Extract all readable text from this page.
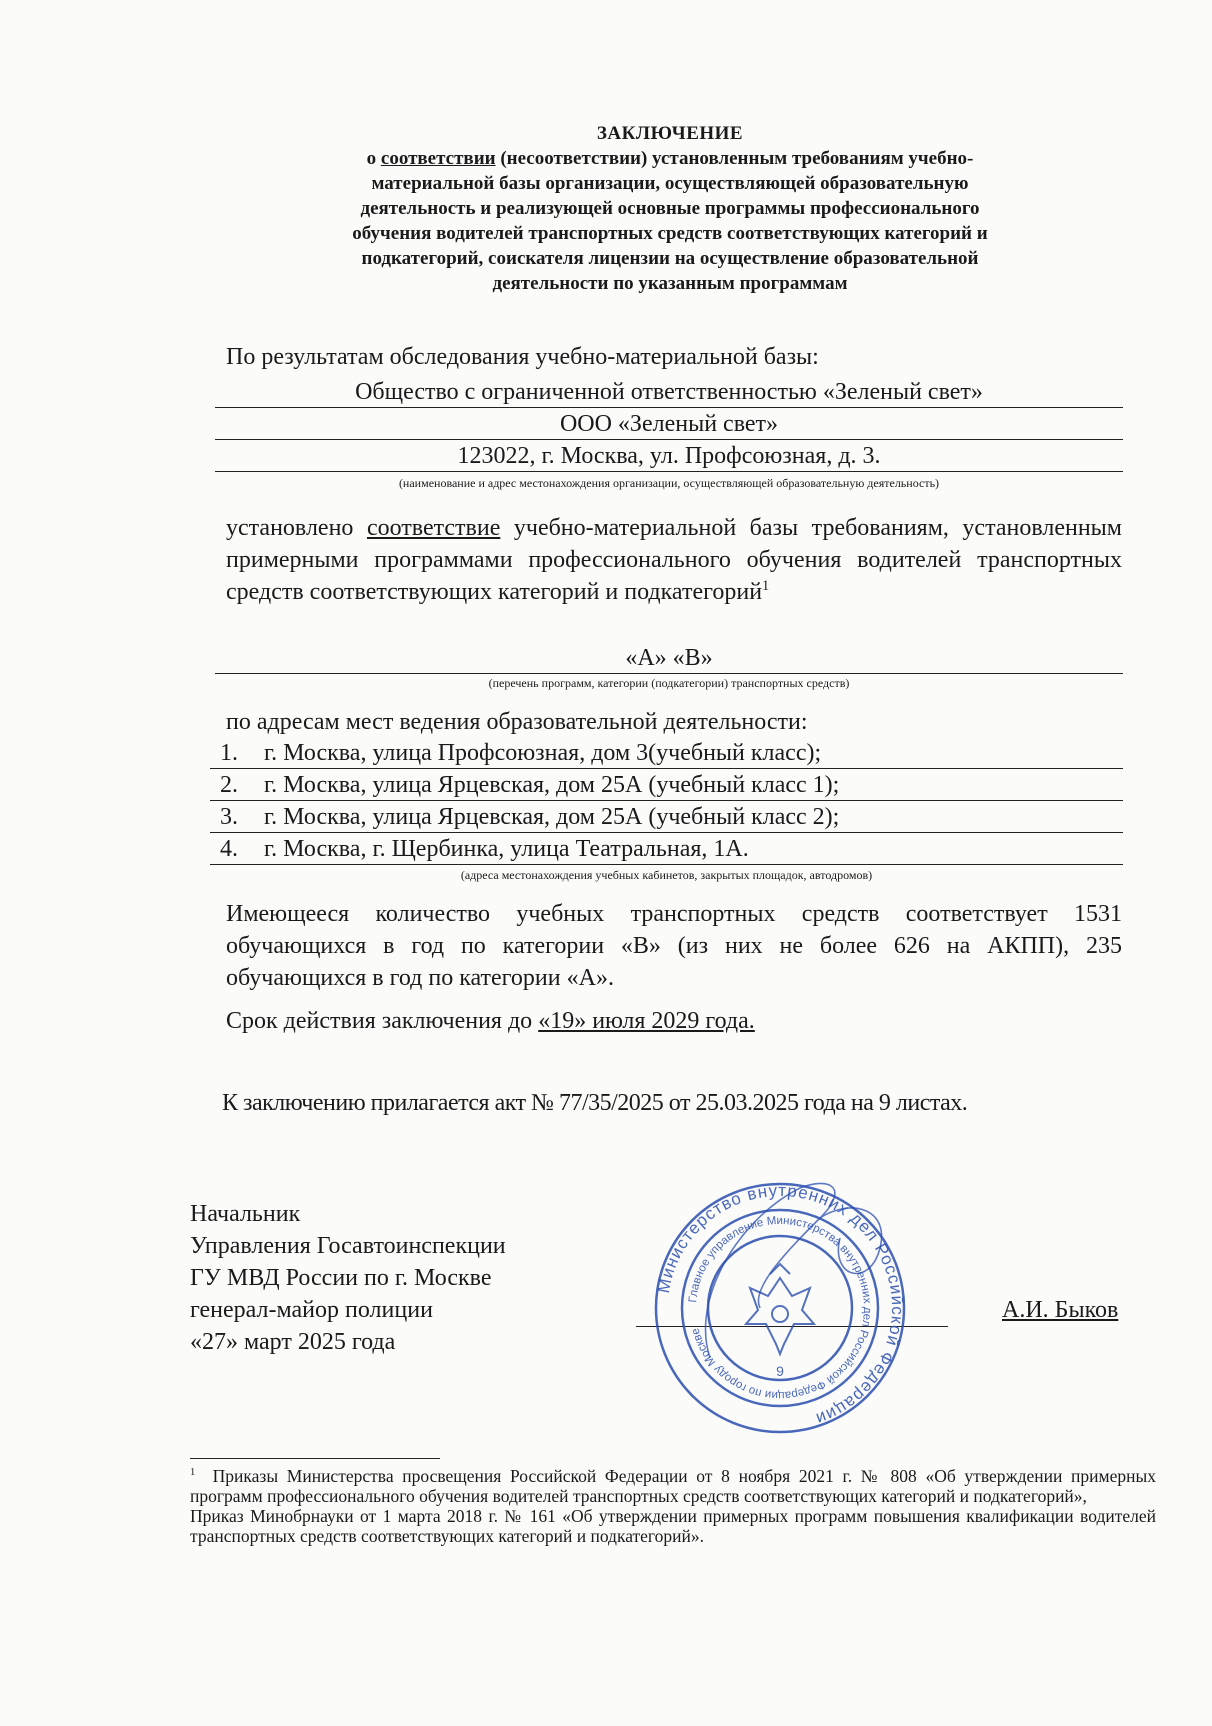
ЗАКЛЮЧЕНИЕ
о соответствии (несоответствии) установленным требованиям учебно-
материальной базы организации, осуществляющей образовательную
деятельность и реализующей основные программы профессионального
обучения водителей транспортных средств соответствующих категорий и
подкатегорий, соискателя лицензии на осуществление образовательной
деятельности по указанным программам
По результатам обследования учебно-материальной базы:
Общество с ограниченной ответственностью «Зеленый свет»
ООО «Зеленый свет»
123022, г. Москва, ул. Профсоюзная, д. 3.
(наименование и адрес местонахождения организации, осуществляющей образовательную деятельность)
установлено соответствие учебно-материальной базы требованиям, установленным примерными программами профессионального обучения водителей транспортных средств соответствующих категорий и подкатегорий$^1$
«А» «В»
(перечень программ, категории (подкатегории) транспортных средств)
по адресам мест ведения образовательной деятельности:
1. г. Москва, улица Профсоюзная, дом 3(учебный класс);
2. г. Москва, улица Ярцевская, дом 25А (учебный класс 1);
3. г. Москва, улица Ярцевская, дом 25А (учебный класс 2);
4. г. Москва, г. Щербинка, улица Театральная, 1А.
(адреса местонахождения учебных кабинетов, закрытых площадок, автодромов)
Имеющееся количество учебных транспортных средств соответствует 1531 обучающихся в год по категории «В» (из них не более 626 на АКПП), 235 обучающихся в год по категории «А».
Срок действия заключения до «19» июля 2029 года.
К заключению прилагается акт № 77/35/2025 от 25.03.2025 года на 9 листах.
Начальник
Управления Госавтоинспекции
ГУ МВД России по г. Москве
генерал-майор полиции
«27» март 2025 года
А.И. Быков
Министерство внутренних дел Российской Федерации
Главное управление Министерства внутренних дел Российской Федерации по городу Москве
9
$^1$ Приказы Министерства просвещения Российской Федерации от 8 ноября 2021 г. № 808 «Об утверждении примерных программ профессионального обучения водителей транспортных средств соответствующих категорий и подкатегорий»,
Приказ Минобрнауки от 1 марта 2018 г. № 161 «Об утверждении примерных программ повышения квалификации водителей транспортных средств соответствующих категорий и подкатегорий».
